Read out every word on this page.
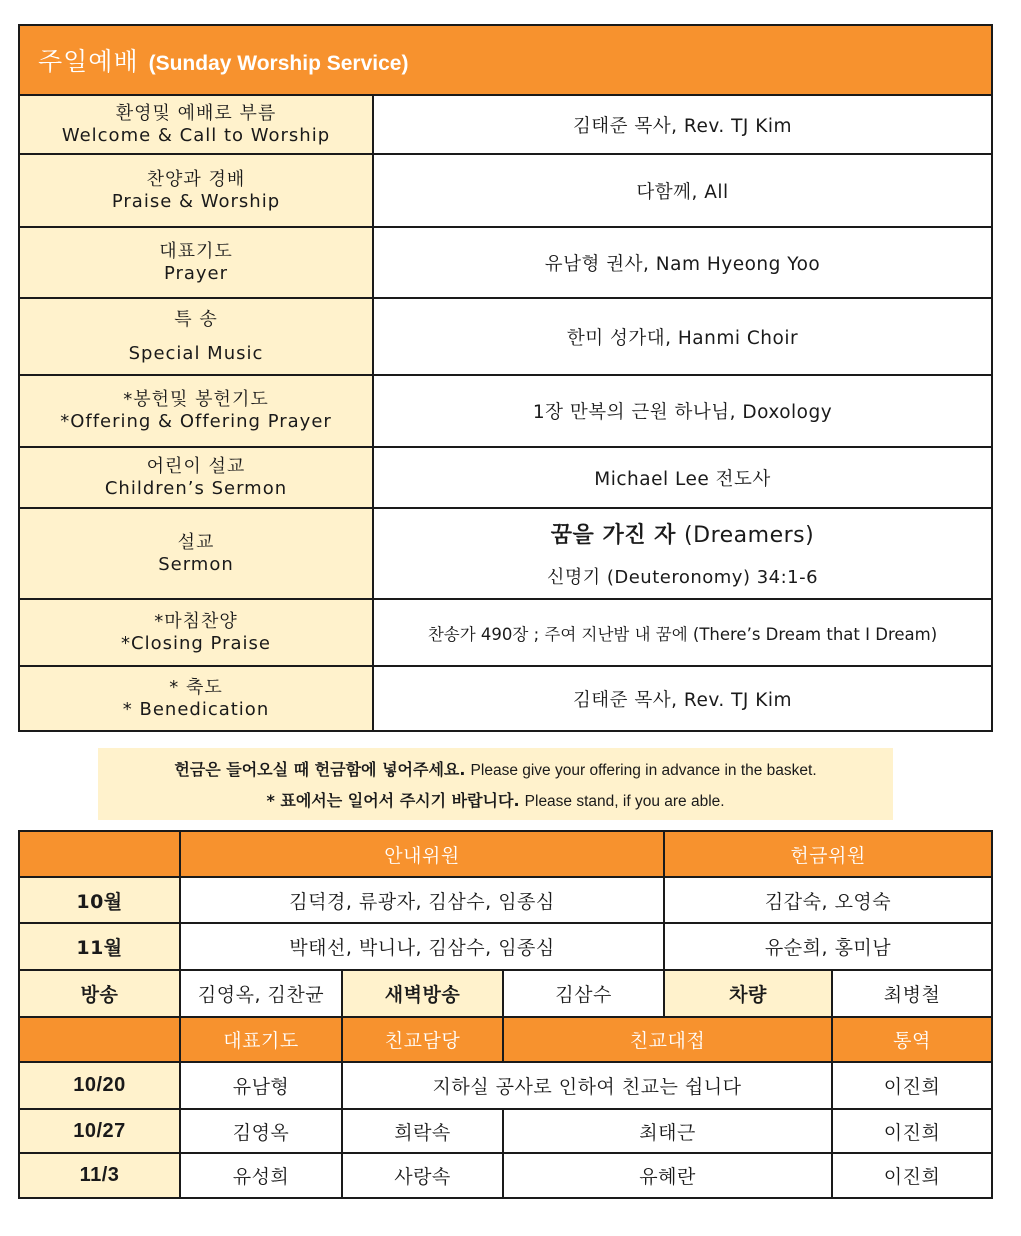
주일예배 (Sunday Worship Service)	

환영및 예배로 부름
Welcome & Call to Worship	김태준 목사, Rev. TJ Kim

찬양과 경배
Praise & Worship	다함께, All

대표기도
Prayer	유남형 권사, Nam Hyeong Yoo

특 송
Special Music	한미 성가대, Hanmi Choir

*봉헌및 봉헌기도
*Offering & Offering Prayer	1장 만복의 근원 하나님, Doxology

어린이 설교
Children’s Sermon	Michael Lee 전도사

설교
Sermon	꿈을 가진 자 (Dreamers)
신명기 (Deuteronomy) 34:1-6

*마침찬양
*Closing Praise	찬송가 490장 ; 주여 지난밤 내 꿈에 (There’s Dream that I Dream)

* 축도
* Benedication	김태준 목사, Rev. TJ Kim
헌금은 들어오실 때 헌금함에 넣어주세요. Please give your offering in advance in the basket.
* 표에서는 일어서 주시기 바랍니다. Please stand, if you are able.
	안내위원			헌금위원	
10월	김덕경, 류광자, 김삼수, 임종심			김갑숙, 오영숙	
11월	박태선, 박니나, 김삼수, 임종심			유순희, 홍미남	
방송	김영옥, 김찬균	새벽방송	김삼수	차량	최병철
	대표기도	친교담당	친교대접		통역
10/20	유남형	지하실 공사로 인하여 친교는 쉽니다			이진희
10/27	김영옥	희락속	최태근		이진희
11/3	유성희	사랑속	유혜란		이진희
